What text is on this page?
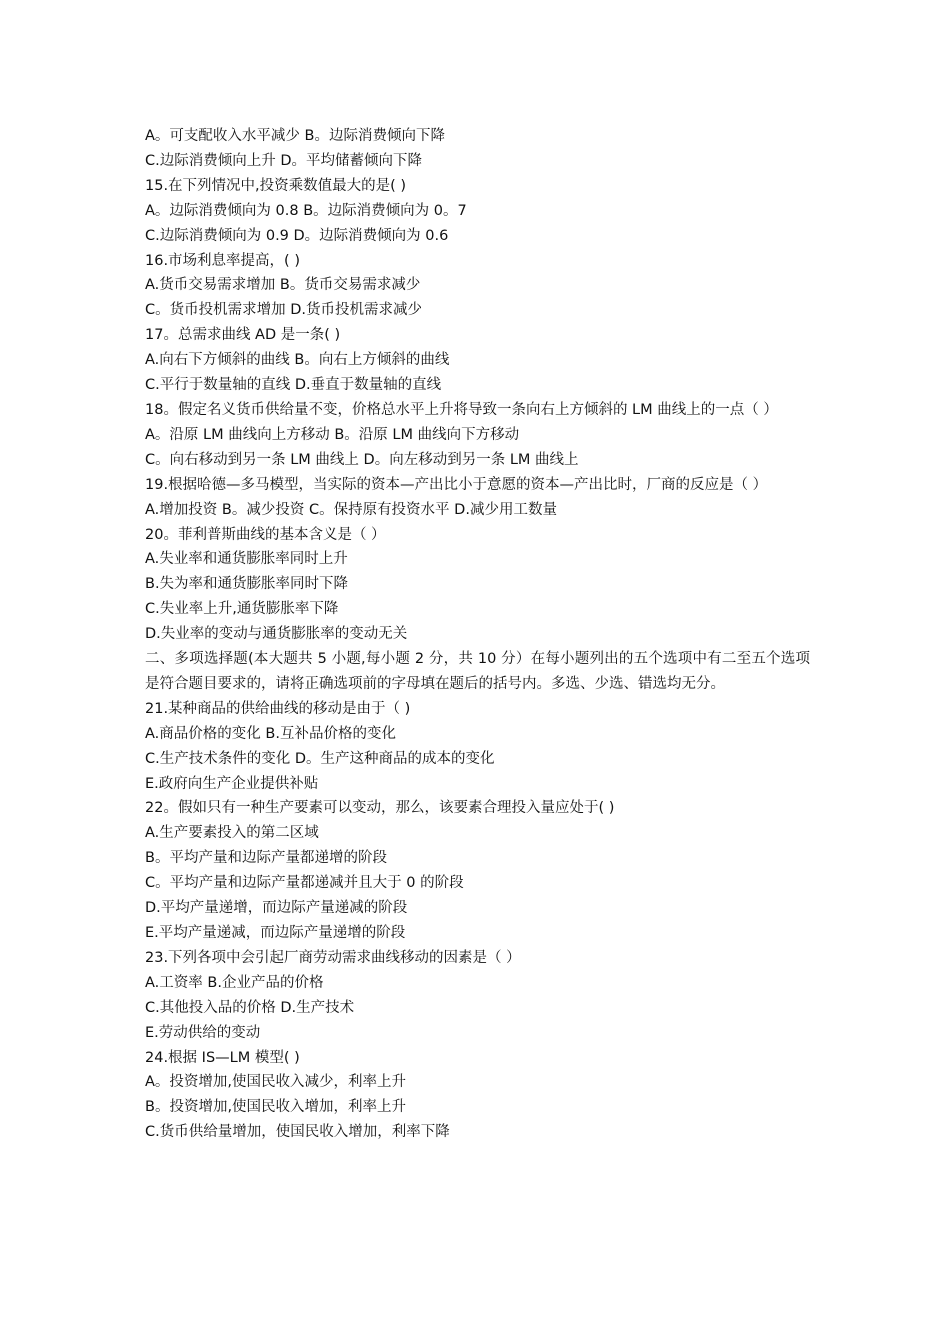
A。可支配收入水平减少 B。边际消费倾向下降

C.边际消费倾向上升 D。平均储蓄倾向下降

15.在下列情况中,投资乘数值最大的是( )

A。边际消费倾向为 0.8 B。边际消费倾向为 0。7

C.边际消费倾向为 0.9 D。边际消费倾向为 0.6

16.市场利息率提高，( )

A.货币交易需求增加 B。货币交易需求减少

C。货币投机需求增加 D.货币投机需求减少

17。总需求曲线 AD 是一条( )

A.向右下方倾斜的曲线 B。向右上方倾斜的曲线

C.平行于数量轴的直线 D.垂直于数量轴的直线

18。假定名义货币供给量不变，价格总水平上升将导致一条向右上方倾斜的 LM 曲线上的一点（ ）

A。沿原 LM 曲线向上方移动 B。沿原 LM 曲线向下方移动

C。向右移动到另一条 LM 曲线上 D。向左移动到另一条 LM 曲线上

19.根据哈德—多马模型，当实际的资本—产出比小于意愿的资本—产出比时，厂商的反应是（ ）

A.增加投资 B。减少投资 C。保持原有投资水平 D.减少用工数量

20。菲利普斯曲线的基本含义是（ ）

A.失业率和通货膨胀率同时上升

B.失为率和通货膨胀率同时下降

C.失业率上升,通货膨胀率下降

D.失业率的变动与通货膨胀率的变动无关

二、多项选择题(本大题共 5 小题,每小题 2 分，共 10 分）在每小题列出的五个选项中有二至五个选项是符合题目要求的，请将正确选项前的字母填在题后的括号内。多选、少选、错选均无分。

21.某种商品的供给曲线的移动是由于（ )

A.商品价格的变化 B.互补品价格的变化

C.生产技术条件的变化 D。生产这种商品的成本的变化

E.政府向生产企业提供补贴

22。假如只有一种生产要素可以变动，那么，该要素合理投入量应处于( )

A.生产要素投入的第二区域

B。平均产量和边际产量都递增的阶段

C。平均产量和边际产量都递减并且大于 0 的阶段

D.平均产量递增，而边际产量递减的阶段

E.平均产量递减，而边际产量递增的阶段

23.下列各项中会引起厂商劳动需求曲线移动的因素是（ ）

A.工资率 B.企业产品的价格

C.其他投入品的价格 D.生产技术

E.劳动供给的变动

24.根据 IS—LM 模型( )

A。投资增加,使国民收入减少，利率上升

B。投资增加,使国民收入增加，利率上升

C.货币供给量增加，使国民收入增加，利率下降
